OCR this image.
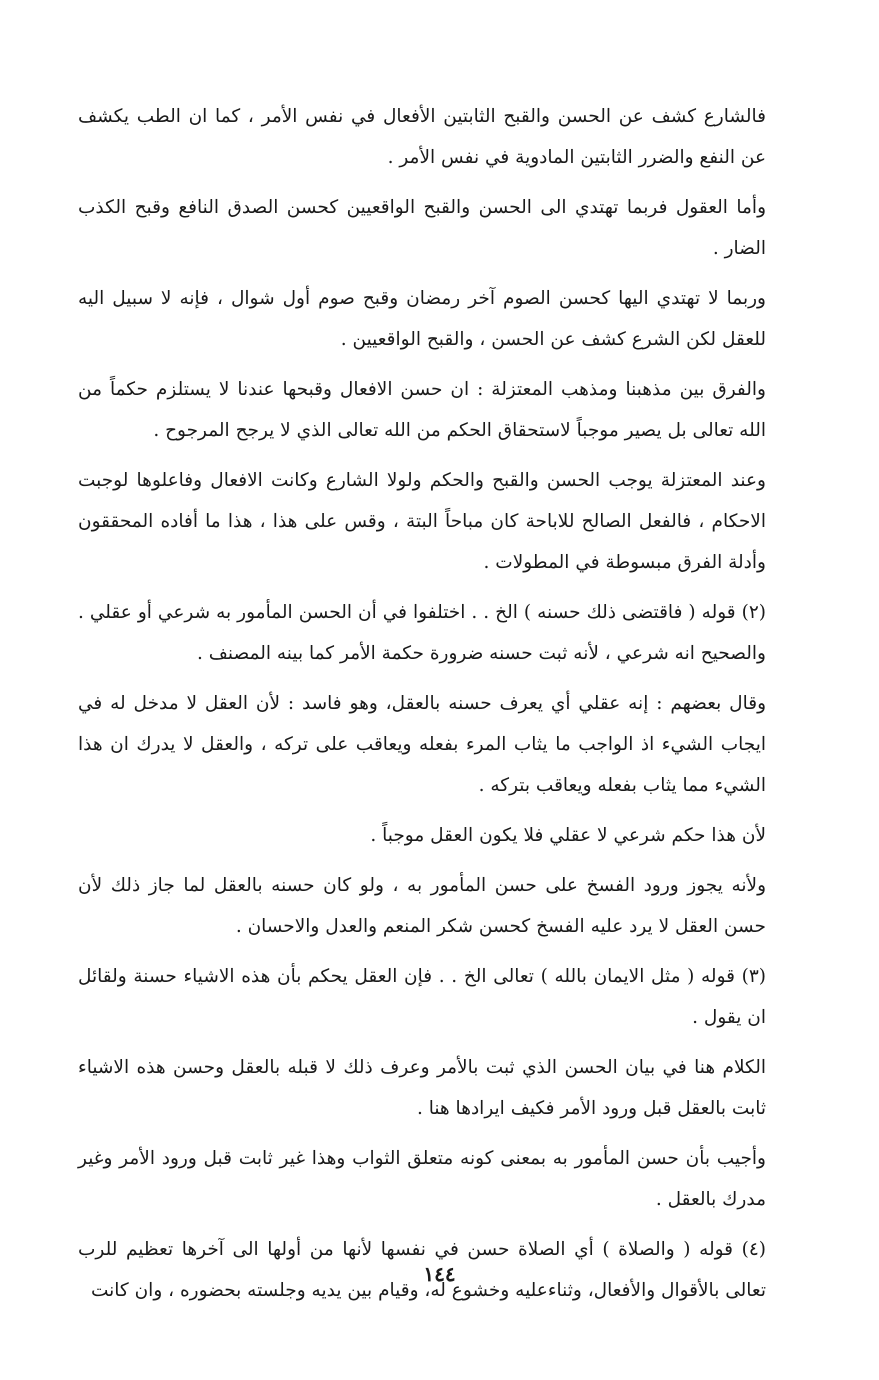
فالشارع كشف عن الحسن والقبح الثابتين الأفعال في نفس الأمر ، كما ان الطب يكشف عن النفع والضرر الثابتين المادوية في نفس الأمر .

وأما العقول فربما تهتدي الى الحسن والقبح الواقعيين كحسن الصدق النافع وقبح الكذب الضار .

وربما لا تهتدي اليها كحسن الصوم آخر رمضان وقبح صوم أول شوال ، فإنه لا سبيل اليه للعقل لكن الشرع كشف عن الحسن ، والقبح الواقعيين .

والفرق بين مذهبنا ومذهب المعتزلة : ان حسن الافعال وقبحها عندنا لا يستلزم حكماً من الله تعالى بل يصير موجباً لاستحقاق الحكم من الله تعالى الذي لا يرجح المرجوح .

وعند المعتزلة يوجب الحسن والقبح والحكم ولولا الشارع وكانت الافعال وفاعلوها لوجبت الاحكام ، فالفعل الصالح للاباحة كان مباحاً البتة ، وقس على هذا ، هذا ما أفاده المحققون وأدلة الفرق مبسوطة في المطولات .

(٢) قوله ( فاقتضى ذلك حسنه ) الخ . . اختلفوا في أن الحسن المأمور به شرعي أو عقلي . والصحيح انه شرعي ، لأنه ثبت حسنه ضرورة حكمة الأمر كما بينه المصنف .

وقال بعضهم : إنه عقلي أي يعرف حسنه بالعقل، وهو فاسد : لأن العقل لا مدخل له في ايجاب الشيء اذ الواجب ما يثاب المرء بفعله ويعاقب على تركه ، والعقل لا يدرك ان هذا الشيء مما يثاب بفعله ويعاقب بتركه .

لأن هذا حكم شرعي لا عقلي فلا يكون العقل موجباً .

ولأنه يجوز ورود الفسخ على حسن المأمور به ، ولو كان حسنه بالعقل لما جاز ذلك لأن حسن العقل لا يرد عليه الفسخ كحسن شكر المنعم والعدل والاحسان .

(٣) قوله ( مثل الايمان بالله ) تعالى الخ . . فإن العقل يحكم بأن هذه الاشياء حسنة ولقائل ان يقول .

الكلام هنا في بيان الحسن الذي ثبت بالأمر وعرف ذلك لا قبله بالعقل وحسن هذه الاشياء ثابت بالعقل قبل ورود الأمر فكيف ايرادها هنا .

وأجيب بأن حسن المأمور به بمعنى كونه متعلق الثواب وهذا غير ثابت قبل ورود الأمر وغير مدرك بالعقل .

(٤) قوله ( والصلاة ) أي الصلاة حسن في نفسها لأنها من أولها الى آخرها تعظيم للرب تعالى بالأقوال والأفعال، وثناءعليه وخشوع له، وقيام بين يديه وجلسته بحضوره ، وان كانت

١٤٤
